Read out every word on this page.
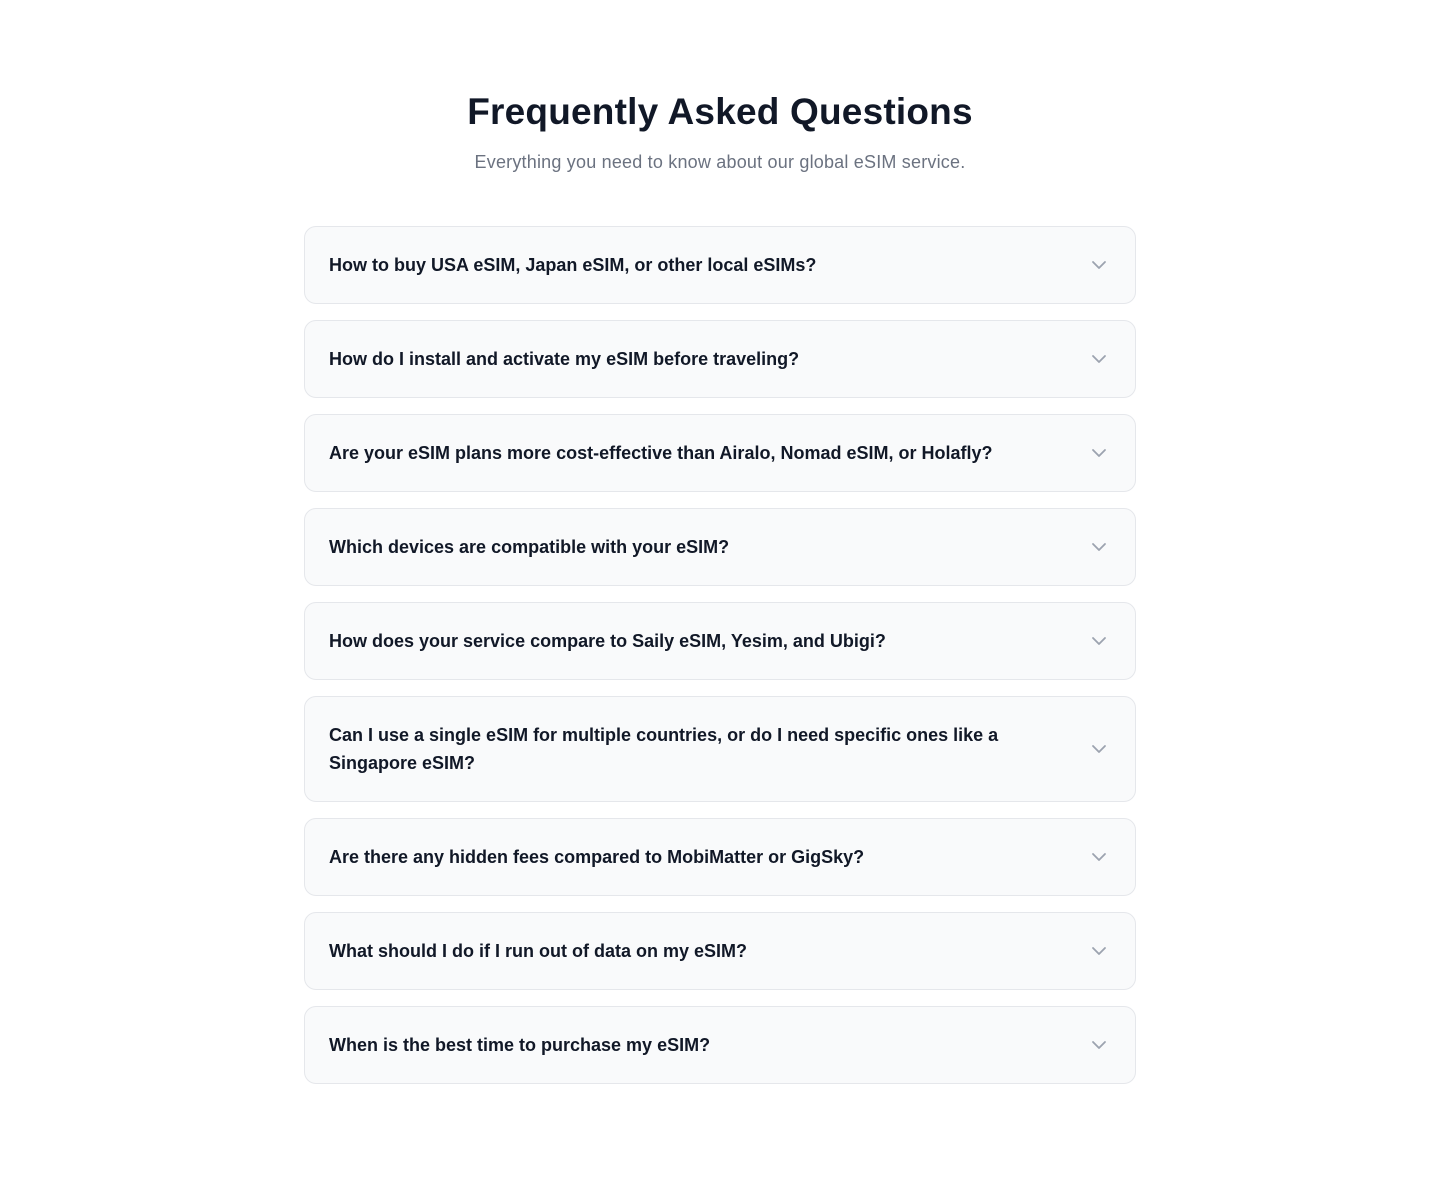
Frequently Asked Questions

Everything you need to know about our global eSIM service.

How to buy USA eSIM, Japan eSIM, or other local eSIMs?
How do I install and activate my eSIM before traveling?
Are your eSIM plans more cost-effective than Airalo, Nomad eSIM, or Holafly?
Which devices are compatible with your eSIM?
How does your service compare to Saily eSIM, Yesim, and Ubigi?
Can I use a single eSIM for multiple countries, or do I need specific ones like a Singapore eSIM?
Are there any hidden fees compared to MobiMatter or GigSky?
What should I do if I run out of data on my eSIM?
When is the best time to purchase my eSIM?
